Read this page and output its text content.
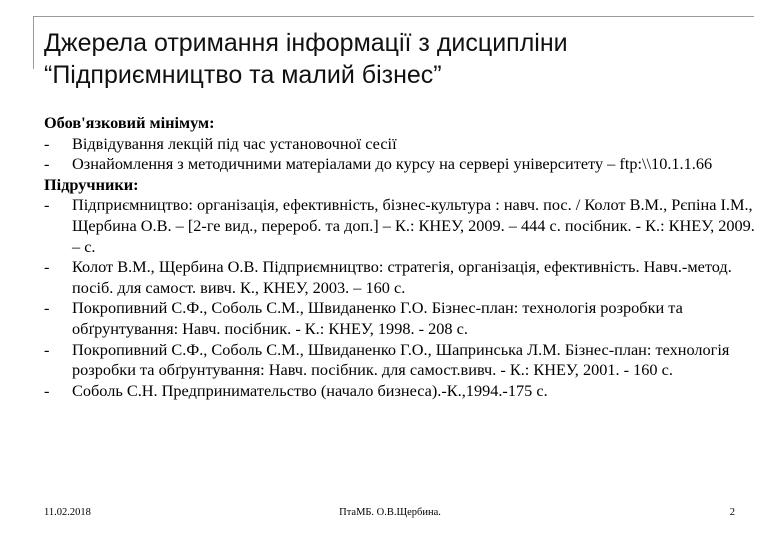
Джерела отримання інформації з дисципліни
“Підприємництво та малий бізнес”
Обов'язковий мінімум:
- Відвідування лекцій під час установочної сесії
- Ознайомлення з методичними матеріалами до курсу на сервері університету – ftp:\\10.1.1.66
Підручники:
- Підприємництво: організація, ефективність, бізнес-культура : навч. пос. / Колот В.М., Рєпіна І.М., Щербина О.В. – [2-ге вид., перероб. та доп.] – К.: КНЕУ, 2009. – 444 с. посібник. - К.: КНЕУ, 2009. – с.
- Колот В.М., Щербина О.В. Підприємництво: стратегія, організація, ефективність. Навч.-метод. посіб. для самост. вивч. К., КНЕУ, 2003. – 160 с.
- Покропивний С.Ф., Соболь С.М., Швиданенко Г.О. Бізнес-план: технологія розробки та обґрунтування: Навч. посібник. - К.: КНЕУ, 1998. - 208 с.
- Покропивний С.Ф., Соболь С.М., Швиданенко Г.О., Шапринська Л.М. Бізнес-план: технологія розробки та обґрунтування: Навч. посібник. для самост.вивч. - К.: КНЕУ, 2001. - 160 с.
- Соболь С.Н. Предпринимательство (начало бизнеса).-К.,1994.-175 с.
11.02.2018	ПтаМБ. О.В.Щербина.	2
